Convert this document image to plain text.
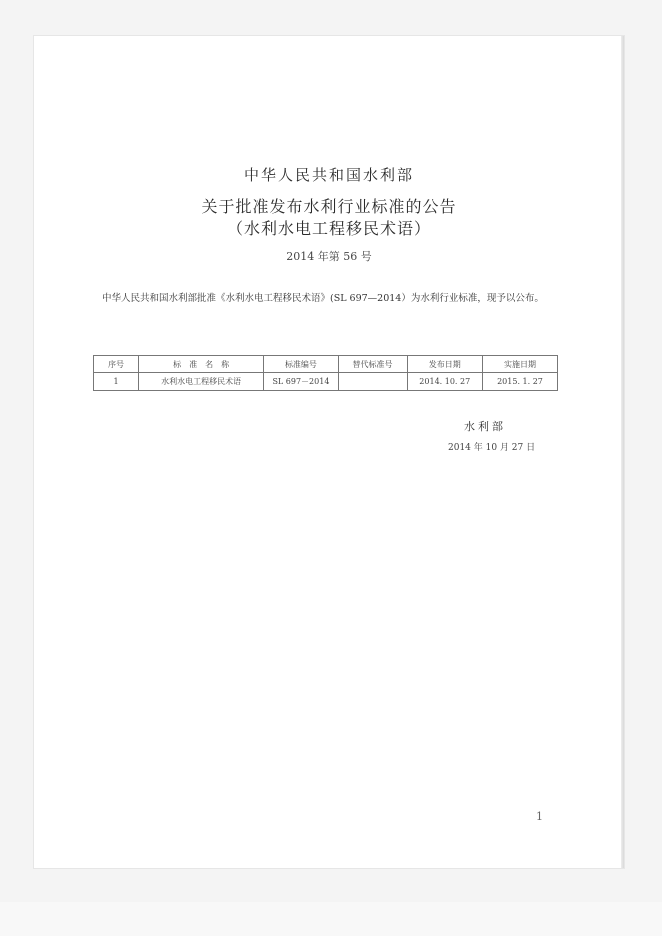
中华人民共和国水利部
关于批准发布水利行业标准的公告
（水利水电工程移民术语）
2014 年第 56 号
中华人民共和国水利部批准《水利水电工程移民术语》(SL 697—2014）为水利行业标准，现予以公布。
序号	标　准　名　称	标准编号	替代标准号	发布日期	实施日期
1	水利水电工程移民术语	SL 697－2014		2014. 10. 27	2015. 1. 27
水利部
2014 年 10 月 27 日
1
